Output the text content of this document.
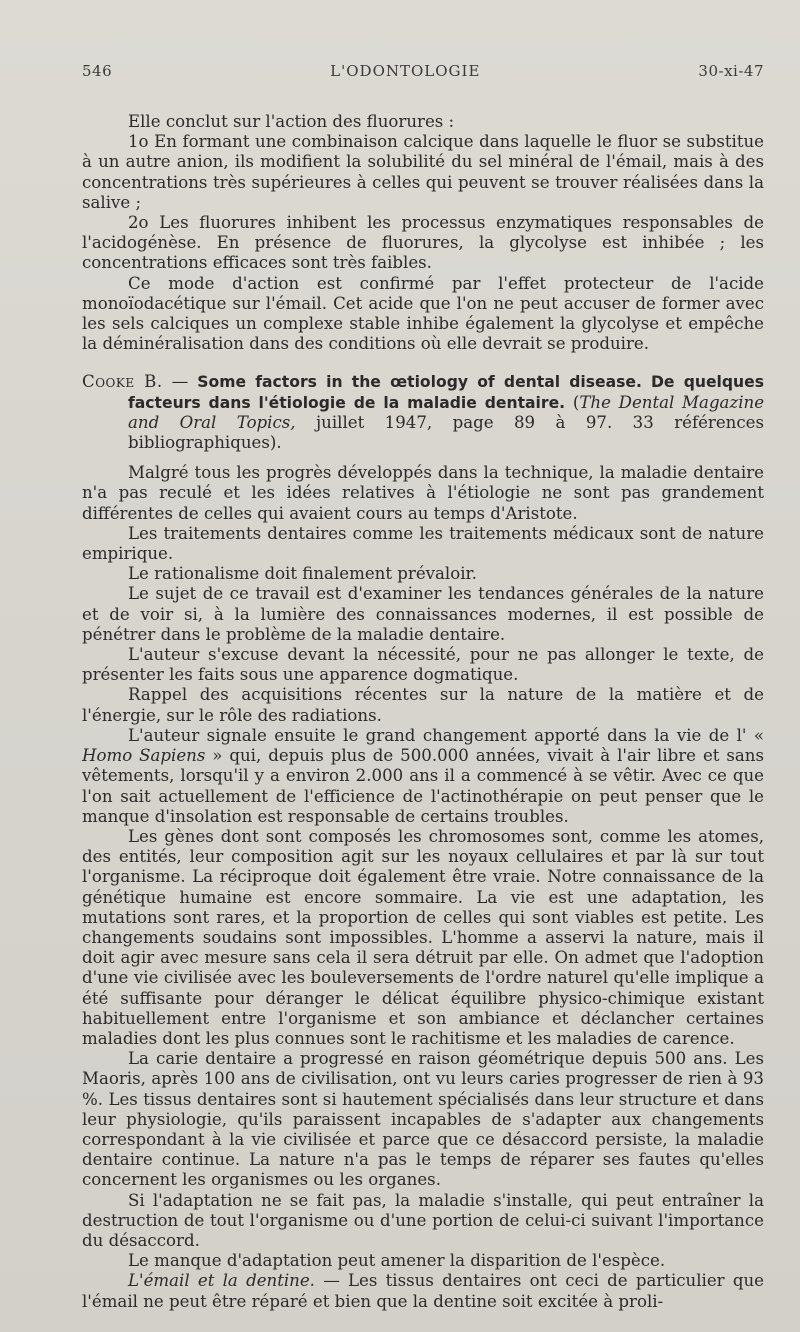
546	L'ODONTOLOGIE	30-xi-47

Elle conclut sur l'action des fluorures :

1o En formant une combinaison calcique dans laquelle le fluor se substitue à un autre anion, ils modifient la solubilité du sel minéral de l'émail, mais à des concentrations très supérieures à celles qui peuvent se trouver réalisées dans la salive ;

2o Les fluorures inhibent les processus enzymatiques responsables de l'acidogénèse. En présence de fluorures, la glycolyse est inhibée ; les concentrations efficaces sont très faibles.

Ce mode d'action est confirmé par l'effet protecteur de l'acide monoïodacétique sur l'émail. Cet acide que l'on ne peut accuser de former avec les sels calciques un complexe stable inhibe également la glycolyse et empêche la déminéralisation dans des conditions où elle devrait se produire.

Cooke B. — Some factors in the œtiology of dental disease. De quelques facteurs dans l'étiologie de la maladie dentaire. (The Dental Magazine and Oral Topics, juillet 1947, page 89 à 97. 33 références bibliographiques).

Malgré tous les progrès développés dans la technique, la maladie dentaire n'a pas reculé et les idées relatives à l'étiologie ne sont pas grandement différentes de celles qui avaient cours au temps d'Aristote.

Les traitements dentaires comme les traitements médicaux sont de nature empirique.

Le rationalisme doit finalement prévaloir.

Le sujet de ce travail est d'examiner les tendances générales de la nature et de voir si, à la lumière des connaissances modernes, il est possible de pénétrer dans le problème de la maladie dentaire.

L'auteur s'excuse devant la nécessité, pour ne pas allonger le texte, de présenter les faits sous une apparence dogmatique.

Rappel des acquisitions récentes sur la nature de la matière et de l'énergie, sur le rôle des radiations.

L'auteur signale ensuite le grand changement apporté dans la vie de l' « Homo Sapiens » qui, depuis plus de 500.000 années, vivait à l'air libre et sans vêtements, lorsqu'il y a environ 2.000 ans il a commencé à se vêtir. Avec ce que l'on sait actuellement de l'efficience de l'actinothérapie on peut penser que le manque d'insolation est responsable de certains troubles.

Les gènes dont sont composés les chromosomes sont, comme les atomes, des entités, leur composition agit sur les noyaux cellulaires et par là sur tout l'organisme. La réciproque doit également être vraie. Notre connaissance de la génétique humaine est encore sommaire. La vie est une adaptation, les mutations sont rares, et la proportion de celles qui sont viables est petite. Les changements soudains sont impossibles. L'homme a asservi la nature, mais il doit agir avec mesure sans cela il sera détruit par elle. On admet que l'adoption d'une vie civilisée avec les bouleversements de l'ordre naturel qu'elle implique a été suffisante pour déranger le délicat équilibre physico-chimique existant habituellement entre l'organisme et son ambiance et déclancher certaines maladies dont les plus connues sont le rachitisme et les maladies de carence.

La carie dentaire a progressé en raison géométrique depuis 500 ans. Les Maoris, après 100 ans de civilisation, ont vu leurs caries progresser de rien à 93 %. Les tissus dentaires sont si hautement spécialisés dans leur structure et dans leur physiologie, qu'ils paraissent incapables de s'adapter aux changements correspondant à la vie civilisée et parce que ce désaccord persiste, la maladie dentaire continue. La nature n'a pas le temps de réparer ses fautes qu'elles concernent les organismes ou les organes.

Si l'adaptation ne se fait pas, la maladie s'installe, qui peut entraîner la destruction de tout l'organisme ou d'une portion de celui-ci suivant l'importance du désaccord.

Le manque d'adaptation peut amener la disparition de l'espèce.

L'émail et la dentine. — Les tissus dentaires ont ceci de particulier que l'émail ne peut être réparé et bien que la dentine soit excitée à proli-
